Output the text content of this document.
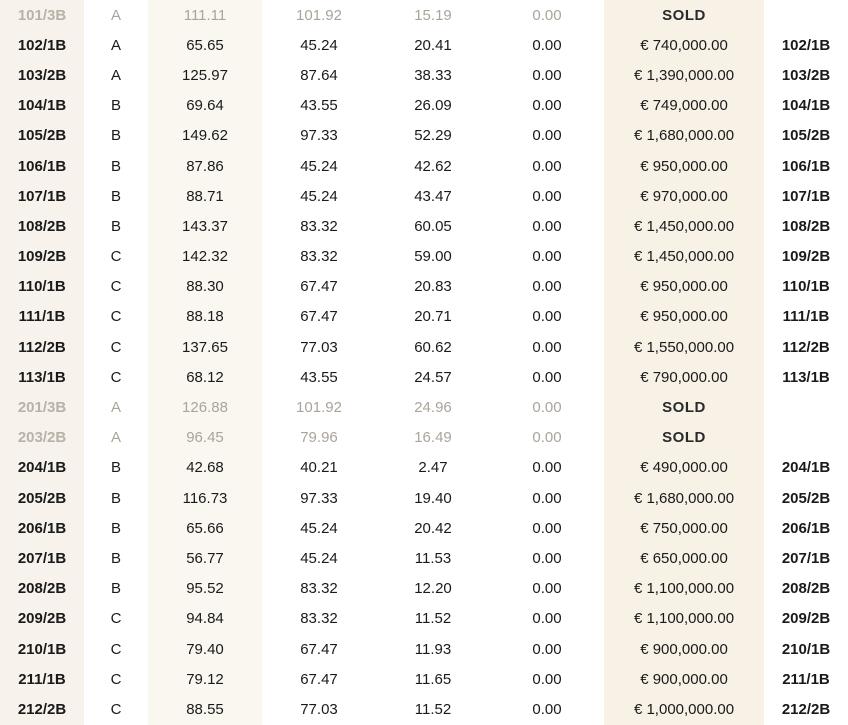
101/3B	A	111.11	101.92	15.19	0.00	SOLD	
102/1B	A	65.65	45.24	20.41	0.00	€ 740,000.00	102/1B
103/2B	A	125.97	87.64	38.33	0.00	€ 1,390,000.00	103/2B
104/1B	B	69.64	43.55	26.09	0.00	€ 749,000.00	104/1B
105/2B	B	149.62	97.33	52.29	0.00	€ 1,680,000.00	105/2B
106/1B	B	87.86	45.24	42.62	0.00	€ 950,000.00	106/1B
107/1B	B	88.71	45.24	43.47	0.00	€ 970,000.00	107/1B
108/2B	B	143.37	83.32	60.05	0.00	€ 1,450,000.00	108/2B
109/2B	C	142.32	83.32	59.00	0.00	€ 1,450,000.00	109/2B
110/1B	C	88.30	67.47	20.83	0.00	€ 950,000.00	110/1B
111/1B	C	88.18	67.47	20.71	0.00	€ 950,000.00	111/1B
112/2B	C	137.65	77.03	60.62	0.00	€ 1,550,000.00	112/2B
113/1B	C	68.12	43.55	24.57	0.00	€ 790,000.00	113/1B
201/3B	A	126.88	101.92	24.96	0.00	SOLD	
203/2B	A	96.45	79.96	16.49	0.00	SOLD	
204/1B	B	42.68	40.21	2.47	0.00	€ 490,000.00	204/1B
205/2B	B	116.73	97.33	19.40	0.00	€ 1,680,000.00	205/2B
206/1B	B	65.66	45.24	20.42	0.00	€ 750,000.00	206/1B
207/1B	B	56.77	45.24	11.53	0.00	€ 650,000.00	207/1B
208/2B	B	95.52	83.32	12.20	0.00	€ 1,100,000.00	208/2B
209/2B	C	94.84	83.32	11.52	0.00	€ 1,100,000.00	209/2B
210/1B	C	79.40	67.47	11.93	0.00	€ 900,000.00	210/1B
211/1B	C	79.12	67.47	11.65	0.00	€ 900,000.00	211/1B
212/2B	C	88.55	77.03	11.52	0.00	€ 1,000,000.00	212/2B
